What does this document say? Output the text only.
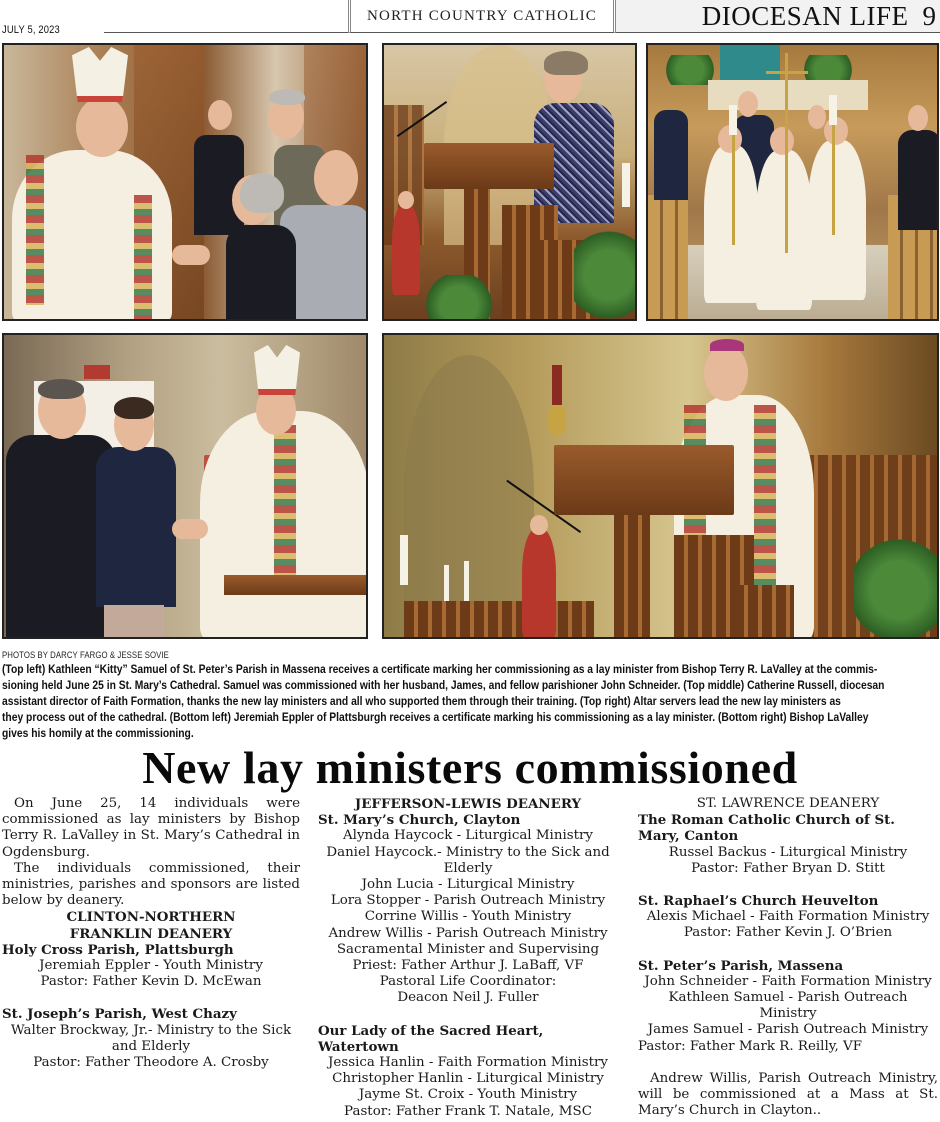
JULY 5, 2023
NORTH COUNTRY CATHOLIC	DIOCESAN LIFE 9
PHOTOS BY DARCY FARGO & JESSE SOVIE
(Top left) Kathleen “Kitty” Samuel of St. Peter’s Parish in Massena receives a certificate marking her commissioning as a lay minister from Bishop Terry R. LaValley at the commis-
sioning held June 25 in St. Mary’s Cathedral. Samuel was commissioned with her husband, James, and fellow parishioner John Schneider. (Top middle) Catherine Russell, diocesan
assistant director of Faith Formation, thanks the new lay ministers and all who supported them through their training. (Top right) Altar servers lead the new lay ministers as
they process out of the cathedral. (Bottom left) Jeremiah Eppler of Plattsburgh receives a certificate marking his commissioning as a lay minister. (Bottom right) Bishop LaValley
gives his homily at the commissioning.
New lay ministers commissioned

On June 25, 14 individuals were commissioned as lay ministers by Bishop Terry R. LaValley in St. Mary’s Cathedral in Ogdensburg.

The individuals commissioned, their ministries, parishes and sponsors are listed below by deanery.

CLINTON-NORTHERN
FRANKLIN DEANERY
Holy Cross Parish, Plattsburgh
Jeremiah Eppler - Youth Ministry
Pastor: Father Kevin D. McEwan
St. Joseph’s Parish, West Chazy
Walter Brockway, Jr.- Ministry to the Sick and Elderly
Pastor: Father Theodore A. Crosby
JEFFERSON-LEWIS DEANERY
St. Mary’s Church, Clayton
Alynda Haycock - Liturgical Ministry
Daniel Haycock.- Ministry to the Sick and Elderly
John Lucia - Liturgical Ministry
Lora Stopper - Parish Outreach Ministry
Corrine Willis - Youth Ministry
Andrew Willis - Parish Outreach Ministry
Sacramental Minister and Supervising Priest: Father Arthur J. LaBaff, VF
Pastoral Life Coordinator:
Deacon Neil J. Fuller
Our Lady of the Sacred Heart, Watertown
Jessica Hanlin - Faith Formation Ministry
Christopher Hanlin - Liturgical Ministry
Jayme St. Croix - Youth Ministry
Pastor: Father Frank T. Natale, MSC
ST. LAWRENCE DEANERY
The Roman Catholic Church of St. Mary, Canton
Russel Backus - Liturgical Ministry
Pastor: Father Bryan D. Stitt
St. Raphael’s Church Heuvelton
Alexis Michael - Faith Formation Ministry
Pastor: Father Kevin J. O’Brien
St. Peter’s Parish, Massena
John Schneider - Faith Formation Ministry
Kathleen Samuel - Parish Outreach Ministry
James Samuel - Parish Outreach Ministry
Pastor: Father Mark R. Reilly, VF

Andrew Willis, Parish Outreach Ministry, will be commissioned at a Mass at St. Mary’s Church in Clayton..
